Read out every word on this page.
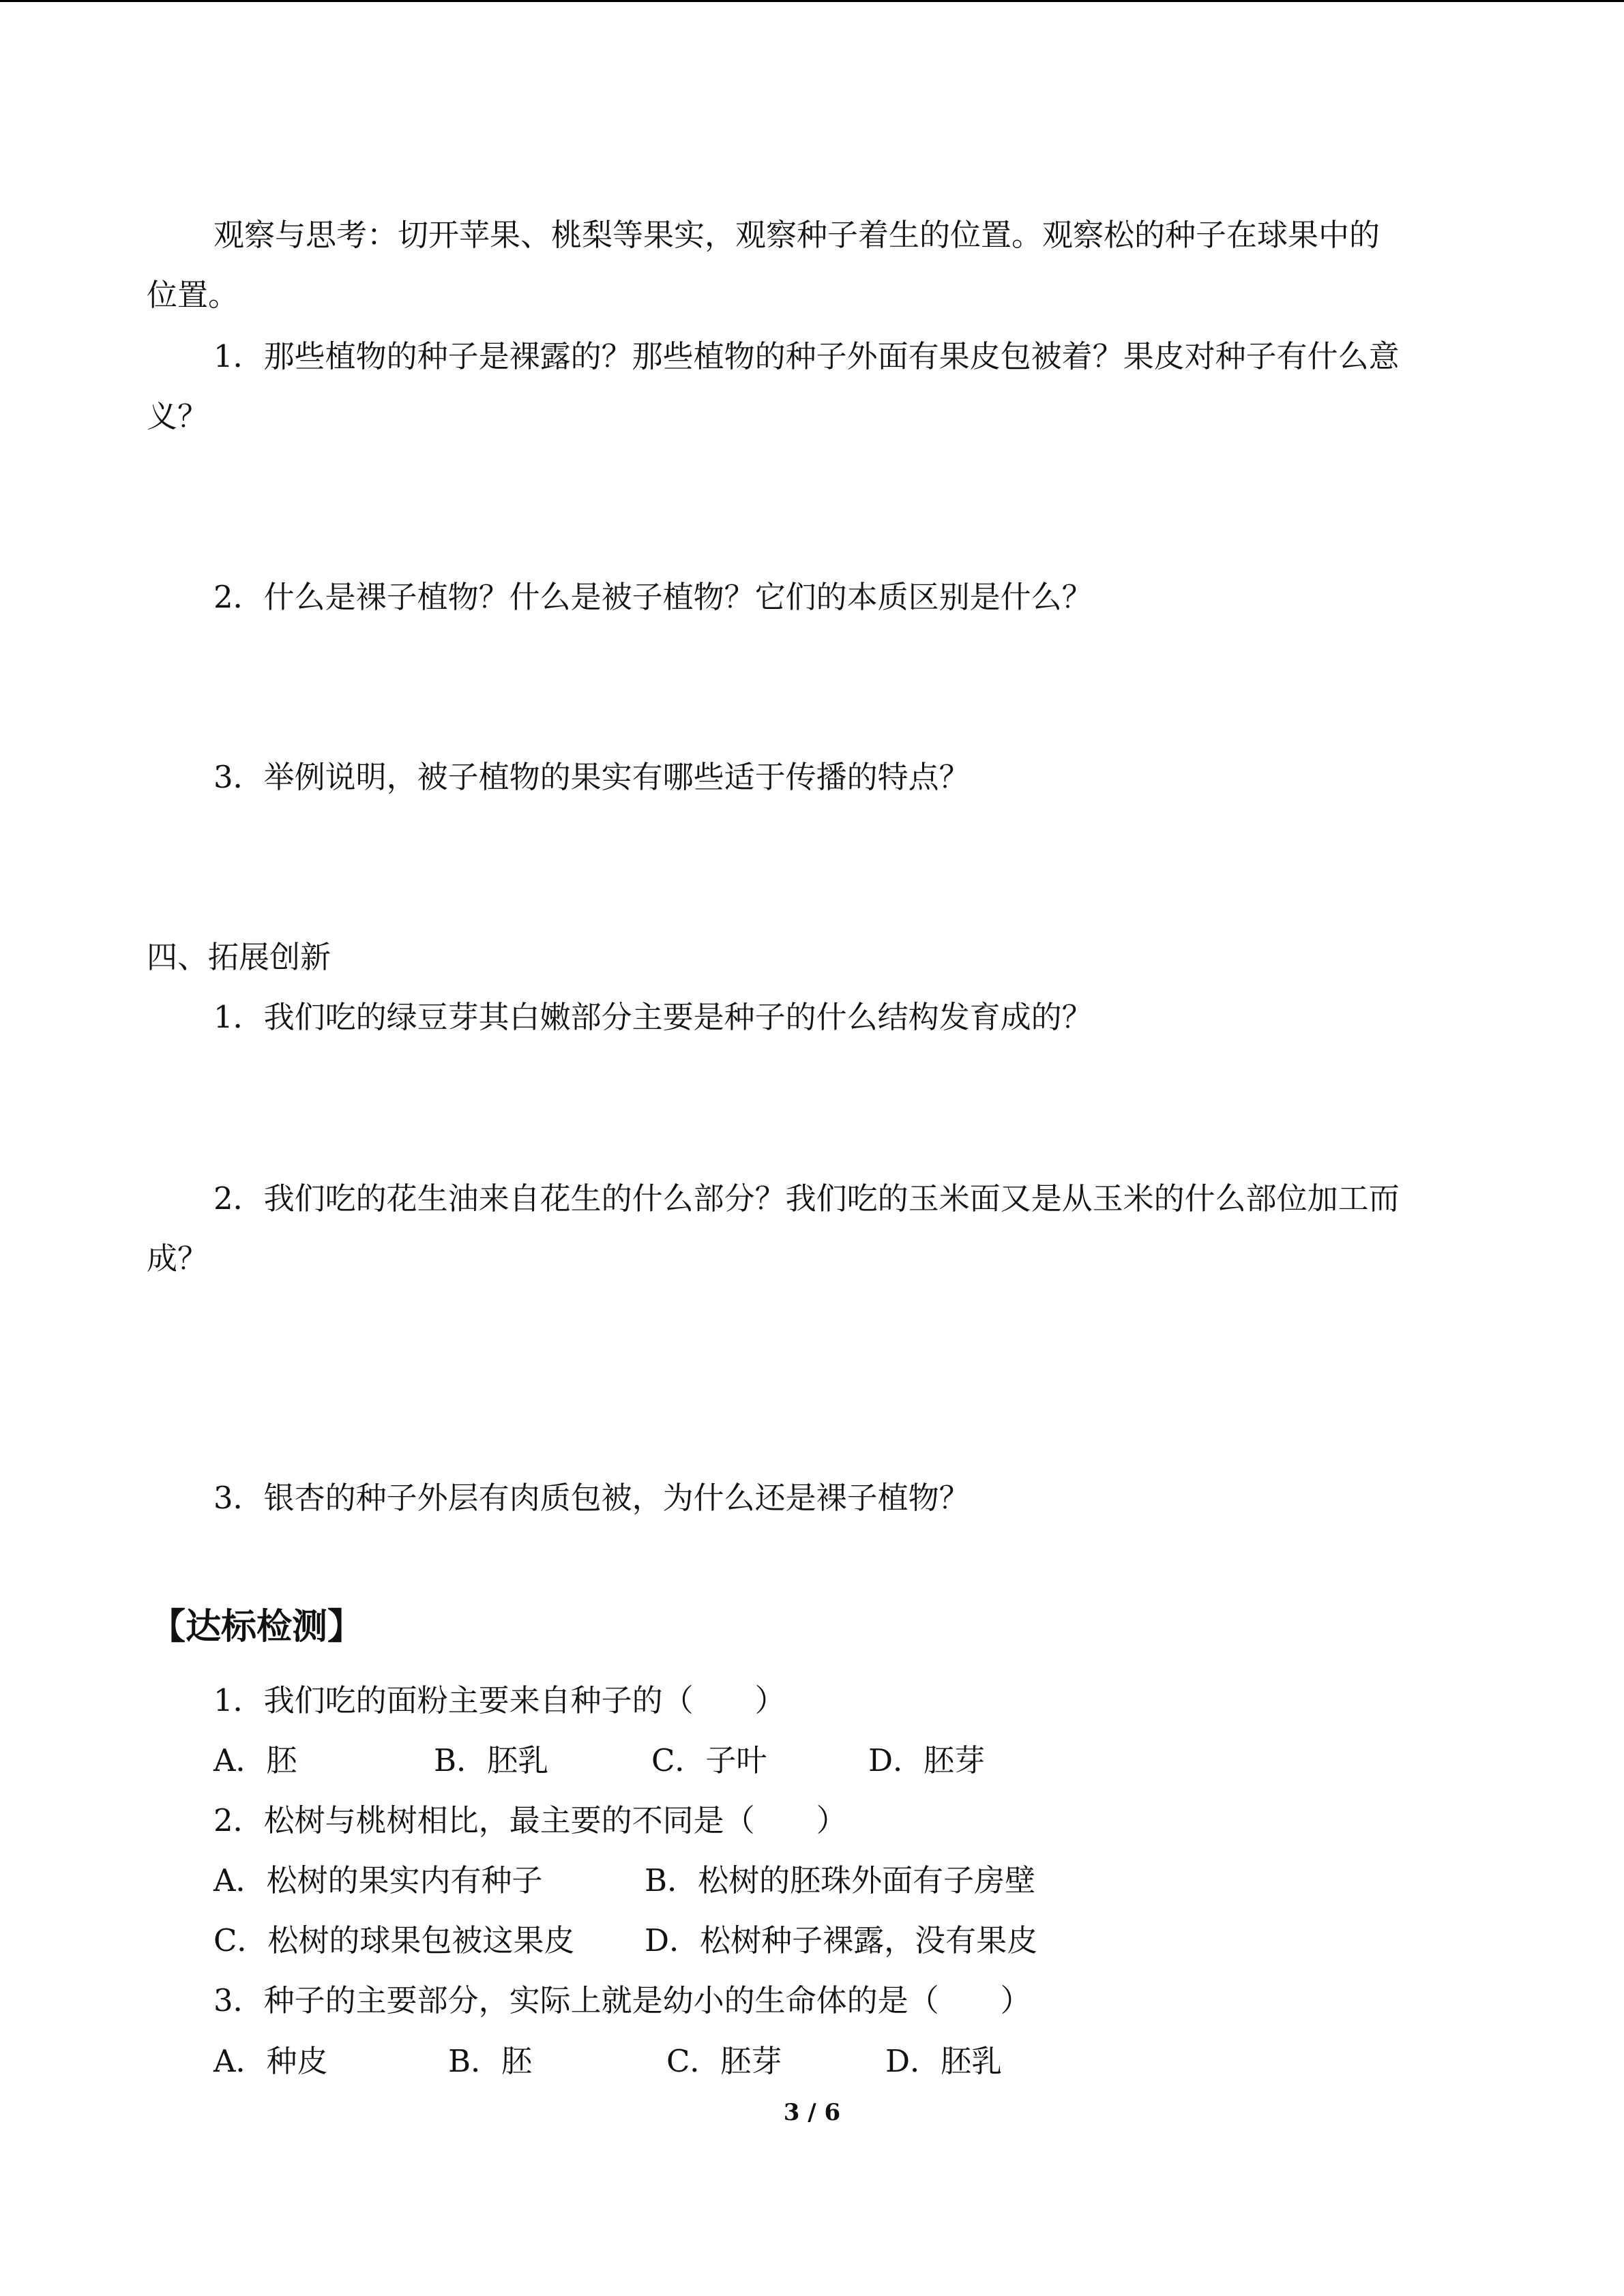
观察与思考：切开苹果、桃梨等果实，观察种子着生的位置。观察松的种子在球果中的

位置。

1．那些植物的种子是裸露的？那些植物的种子外面有果皮包被着？果皮对种子有什么意

义？

2．什么是裸子植物？什么是被子植物？它们的本质区别是什么？

3．举例说明，被子植物的果实有哪些适于传播的特点？

四、拓展创新

1．我们吃的绿豆芽其白嫩部分主要是种子的什么结构发育成的？

2．我们吃的花生油来自花生的什么部分？我们吃的玉米面又是从玉米的什么部位加工而

成？

3．银杏的种子外层有肉质包被，为什么还是裸子植物？

【达标检测】

1．我们吃的面粉主要来自种子的（　　）

A．胚	B．胚乳	C．子叶	D．胚芽

2．松树与桃树相比，最主要的不同是（　　）

A．松树的果实内有种子	B．松树的胚珠外面有子房壁
C．松树的球果包被这果皮 D．松树种子裸露，没有果皮

3．种子的主要部分，实际上就是幼小的生命体的是（　　）

A．种皮	B．胚	C．胚芽	D．胚乳
3 / 6
